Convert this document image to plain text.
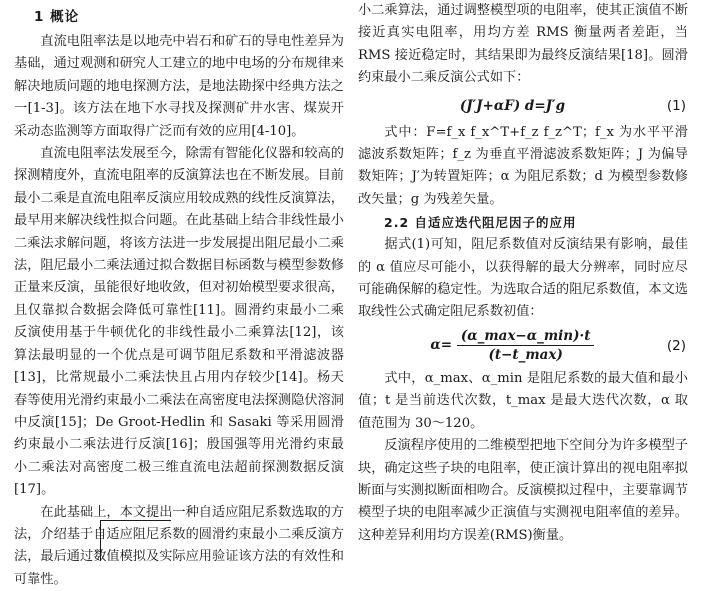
1 概论

直流电阻率法是以地壳中岩石和矿石的导电性差异为基础，通过观测和研究人工建立的地中电场的分布规律来解决地质问题的地电探测方法，是地法勘探中经典方法之一[1-3]。该方法在地下水寻找及探测矿井水害、煤炭开采动态监测等方面取得广泛而有效的应用[4-10]。

直流电阻率法发展至今，除需有智能化仪器和较高的探测精度外，直流电阻率的反演算法也在不断发展。目前最小二乘是直流电阻率反演应用较成熟的线性反演算法，最早用来解决线性拟合问题。在此基础上结合非线性最小二乘法求解问题，将该方法进一步发展提出阻尼最小二乘法，阻尼最小二乘法通过拟合数据目标函数与模型参数修正量来反演，虽能很好地收敛，但对初始模型要求很高，且仅靠拟合数据会降低可靠性[11]。圆滑约束最小二乘反演使用基于牛顿优化的非线性最小二乘算法[12]，该算法最明显的一个优点是可调节阻尼系数和平滑滤波器[13]，比常规最小二乘法快且占用内存较少[14]。杨天春等使用光滑约束最小二乘法在高密度电法探测隐伏溶洞中反演[15]；De Groot-Hedlin 和 Sasaki 等采用圆滑约束最小二乘法进行反演[16]；殷国强等用光滑约束最小二乘法对高密度二极三维直流电法超前探测数据反演[17]。

在此基础上，本文提出一种自适应阻尼系数选取的方法，介绍基于自适应阻尼系数的圆滑约束最小二乘反演方法，最后通过数值模拟及实际应用验证该方法的有效性和可靠性。

小二乘算法，通过调整模型项的电阻率，使其正演值不断接近真实电阻率，用均方差 RMS 衡量两者差距，当 RMS 接近稳定时，其结果即为最终反演结果[18]。圆滑约束最小二乘反演公式如下：

(J′J+αF) d=J′g	(1)

式中：F=f_x f_x^T+f_z f_z^T；f_x 为水平平滑滤波系数矩阵；f_z 为垂直平滑滤波系数矩阵；J 为偏导数矩阵；J′为转置矩阵；α 为阻尼系数；d 为模型参数修改矢量；g 为残差矢量。

2.2 自适应迭代阻尼因子的应用

据式(1)可知，阻尼系数值对反演结果有影响，最佳的 α 值应尽可能小，以获得解的最大分辨率，同时应尽可能确保解的稳定性。为选取合适的阻尼系数值，本文选取线性公式确定阻尼系数初值：

$\alpha= \frac{(\alpha\_\max-\alpha\_\min)\cdot t}{(t-t\_\max)}$	(2)

式中，α_max、α_min 是阻尼系数的最大值和最小值；t 是当前迭代次数，t_max 是最大迭代次数，α 取值范围为 30～120。

反演程序使用的二维模型把地下空间分为许多模型子块，确定这些子块的电阻率，使正演计算出的视电阻率拟断面与实测拟断面相吻合。反演模拟过程中，主要靠调节模型子块的电阻率减少正演值与实测视电阻率值的差异。这种差异利用均方误差(RMS)衡量。
